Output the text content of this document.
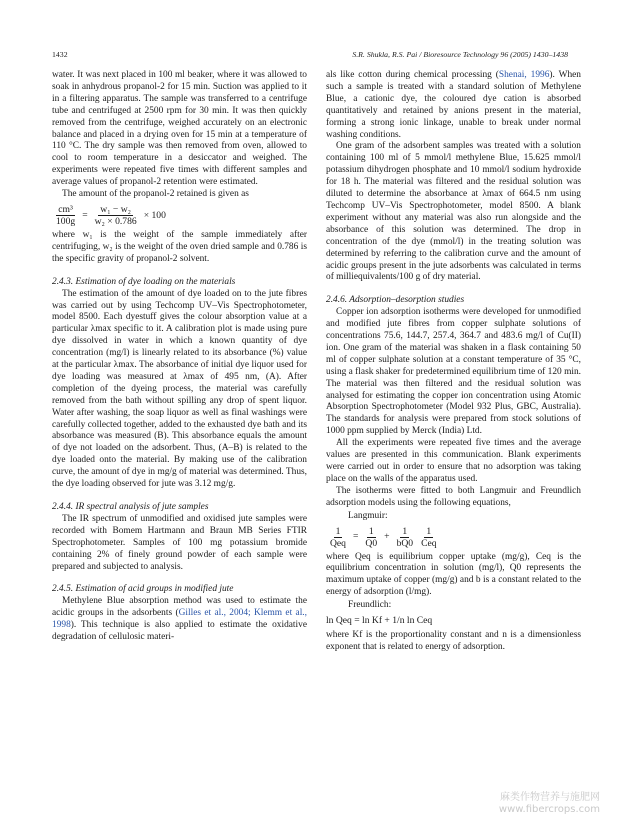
1432	S.R. Shukla, R.S. Pai / Bioresource Technology 96 (2005) 1430–1438

water. It was next placed in 100 ml beaker, where it was allowed to soak in anhydrous propanol-2 for 15 min. Suction was applied to it in a filtering apparatus. The sample was transferred to a centrifuge tube and centrifuged at 2500 rpm for 30 min. It was then quickly removed from the centrifuge, weighed accurately on an electronic balance and placed in a drying oven for 15 min at a temperature of 110 °C. The dry sample was then removed from oven, allowed to cool to room temperature in a desiccator and weighed. The experiments were repeated five times with different samples and average values of propanol-2 retention were estimated.

The amount of the propanol-2 retained is given as

$\frac{\text{cm³}}{100g} = \frac{\text{w₁ − w₂}}{\text{w₂ × 0.786}} \times 100$

where w₁ is the weight of the sample immediately after centrifuging, w₂ is the weight of the oven dried sample and 0.786 is the specific gravity of propanol-2 solvent.

2.4.3. Estimation of dye loading on the materials

The estimation of the amount of dye loaded on to the jute fibres was carried out by using Techcomp UV–Vis Spectrophotometer, model 8500. Each dyestuff gives the colour absorption value at a particular λmax specific to it. A calibration plot is made using pure dye dissolved in water in which a known quantity of dye concentration (mg/l) is linearly related to its absorbance (%) value at the particular λmax. The absorbance of initial dye liquor used for dye loading was measured at λmax of 495 nm, (A). After completion of the dyeing process, the material was carefully removed from the bath without spilling any drop of spent liquor. Water after washing, the soap liquor as well as final washings were carefully collected together, added to the exhausted dye bath and its absorbance was measured (B). This absorbance equals the amount of dye not loaded on the adsorbent. Thus, (A–B) is related to the dye loaded onto the material. By making use of the calibration curve, the amount of dye in mg/g of material was determined. Thus, the dye loading observed for jute was 3.12 mg/g.

2.4.4. IR spectral analysis of jute samples

The IR spectrum of unmodified and oxidised jute samples were recorded with Bomem Hartmann and Braun MB Series FTIR Spectrophotometer. Samples of 100 mg potassium bromide containing 2% of finely ground powder of each sample were prepared and subjected to analysis.

2.4.5. Estimation of acid groups in modified jute

Methylene Blue absorption method was used to estimate the acidic groups in the adsorbents (Gilles et al., 2004; Klemm et al., 1998). This technique is also applied to estimate the oxidative degradation of cellulosic materi-

als like cotton during chemical processing (Shenai, 1996). When such a sample is treated with a standard solution of Methylene Blue, a cationic dye, the coloured dye cation is absorbed quantitatively and retained by anions present in the material, forming a strong ionic linkage, unable to break under normal washing conditions.

One gram of the adsorbent samples was treated with a solution containing 100 ml of 5 mmol/l methylene Blue, 15.625 mmol/l potassium dihydrogen phosphate and 10 mmol/l sodium hydroxide for 18 h. The material was filtered and the residual solution was diluted to determine the absorbance at λmax of 664.5 nm using Techcomp UV–Vis Spectrophotometer, model 8500. A blank experiment without any material was also run alongside and the absorbance of this solution was determined. The drop in concentration of the dye (mmol/l) in the treating solution was determined by referring to the calibration curve and the amount of acidic groups present in the jute adsorbents was calculated in terms of milliequivalents/100 g of dry material.

2.4.6. Adsorption–desorption studies

Copper ion adsorption isotherms were developed for unmodified and modified jute fibres from copper sulphate solutions of concentrations 75.6, 144.7, 257.4, 364.7 and 483.6 mg/l of Cu(II) ion. One gram of the material was shaken in a flask containing 50 ml of copper sulphate solution at a constant temperature of 35 °C, using a flask shaker for predetermined equilibrium time of 120 min. The material was then filtered and the residual solution was analysed for estimating the copper ion concentration using Atomic Absorption Spectrophotometer (Model 932 Plus, GBC, Australia). The standards for analysis were prepared from stock solutions of 1000 ppm supplied by Merck (India) Ltd.

All the experiments were repeated five times and the average values are presented in this communication. Blank experiments were carried out in order to ensure that no adsorption was taking place on the walls of the apparatus used.

The isotherms were fitted to both Langmuir and Freundlich adsorption models using the following equations,

Langmuir:

$\frac{1}{\text{Qeq}} = \frac{1}{Q0} + \frac{1}{bQ0} \frac{1}{\text{Ceq}}$

where Qeq is equilibrium copper uptake (mg/g), Ceq is the equilibrium concentration in solution (mg/l), Q0 represents the maximum uptake of copper (mg/g) and b is a constant related to the energy of adsorption (l/mg).

Freundlich:

ln Qeq = ln Kf + 1/n ln Ceq

where Kf is the proportionality constant and n is a dimensionless exponent that is related to energy of adsorption.

麻类作物营养与施肥网
www.fibercrops.com
